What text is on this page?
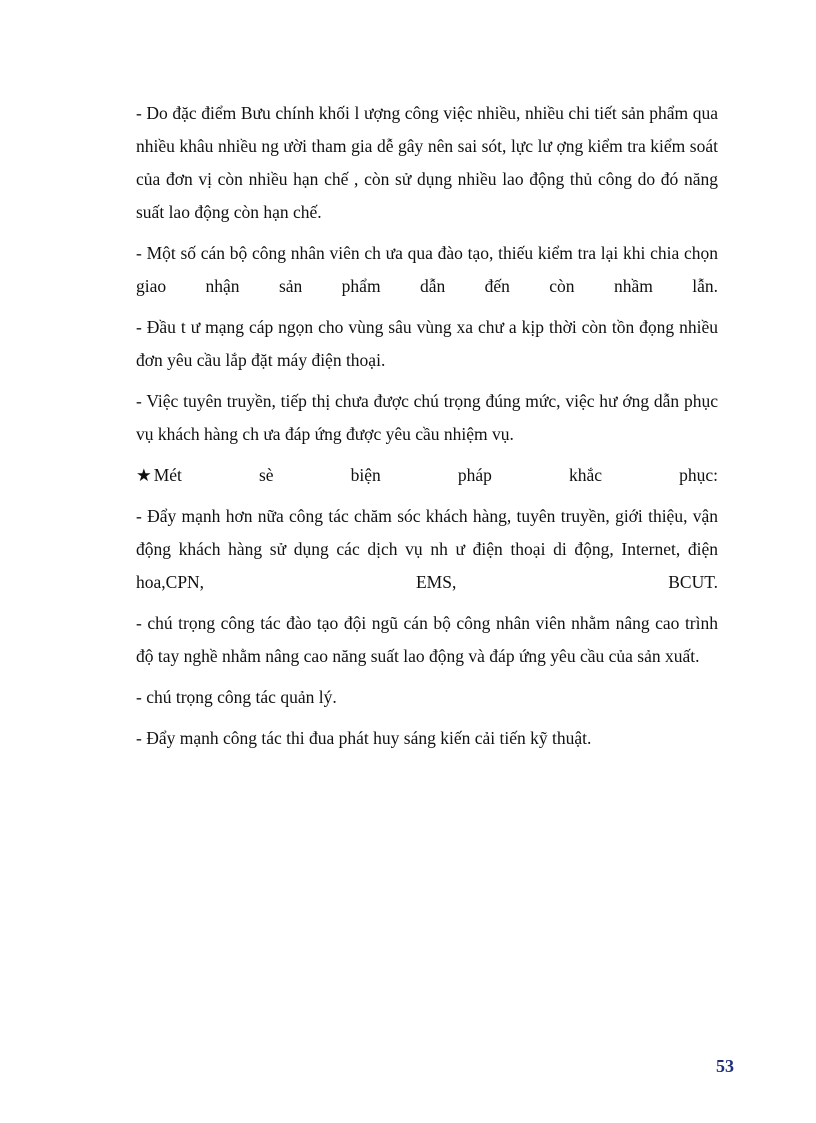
- Do đặc điểm Bưu chính khối l ượng công việc nhiều, nhiều chi tiết sản phẩm qua nhiều khâu nhiều ng ười tham gia dễ gây nên sai sót, lực lư ợng kiểm tra kiểm soát của đơn vị còn nhiều hạn chế , còn sử dụng nhiều lao động thủ công do đó năng suất lao động còn hạn chế.

- Một số cán bộ công nhân viên ch ưa qua đào tạo, thiếu kiểm tra lại khi chia chọn giao nhận sản phẩm dẫn đến còn nhầm lẫn.

- Đầu t ư mạng cáp ngọn cho vùng sâu vùng xa chư a kịp thời còn tồn đọng nhiều đơn yêu cầu lắp đặt máy điện thoại.

- Việc tuyên truyền, tiếp thị chưa được chú trọng đúng mức, việc hư ớng dẫn phục vụ khách hàng ch ưa đáp ứng được yêu cầu nhiệm vụ.

★ Mét sè biện pháp khắc phục:

- Đẩy mạnh hơn nữa công tác chăm sóc khách hàng, tuyên truyền, giới thiệu, vận động khách hàng sử dụng các dịch vụ nh ư điện thoại di động, Internet, điện hoa,CPN, EMS, BCUT.

- chú trọng công tác đào tạo đội ngũ cán bộ công nhân viên nhằm nâng cao trình độ tay nghề nhằm nâng cao năng suất lao động và đáp ứng yêu cầu của sản xuất.

- chú trọng công tác quản lý.

- Đẩy mạnh công tác thi đua phát huy sáng kiến cải tiến kỹ thuật.

53
